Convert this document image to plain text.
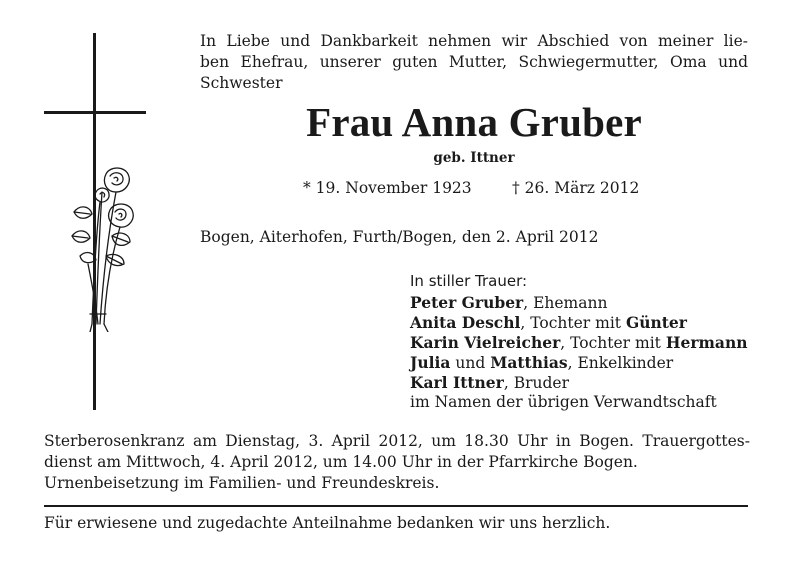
In Liebe und Dankbarkeit nehmen wir Abschied von meiner lie-
ben Ehefrau, unserer guten Mutter, Schwiegermutter, Oma und
Schwester
Frau Anna Gruber
geb. Ittner
* 19. November 1923	† 26. März 2012
Bogen, Aiterhofen, Furth/Bogen, den 2. April 2012
In stiller Trauer:
Peter Gruber, Ehemann
Anita Deschl, Tochter mit Günter
Karin Vielreicher, Tochter mit Hermann
Julia und Matthias, Enkelkinder
Karl Ittner, Bruder
im Namen der übrigen Verwandtschaft
Sterberosenkranz am Dienstag, 3. April 2012, um 18.30 Uhr in Bogen. Trauergottes-
dienst am Mittwoch, 4. April 2012, um 14.00 Uhr in der Pfarrkirche Bogen.
Urnenbeisetzung im Familien- und Freundeskreis.
Für erwiesene und zugedachte Anteilnahme bedanken wir uns herzlich.
